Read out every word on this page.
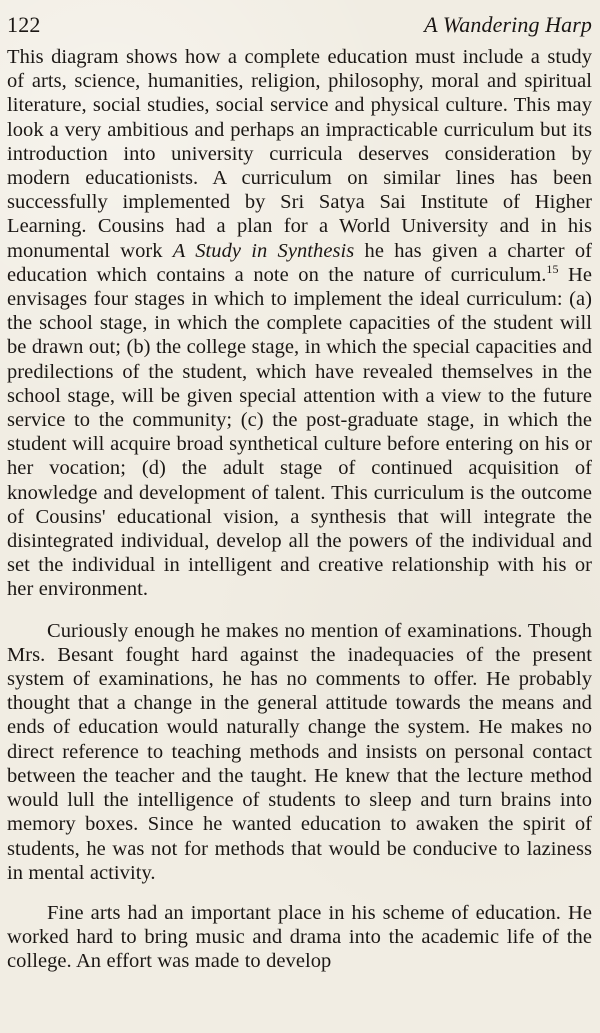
122	A Wandering Harp

This diagram shows how a complete education must include a study of arts, science, humanities, religion, philosophy, moral and spiritual literature, social studies, social service and physical culture. This may look a very ambitious and perhaps an impracticable curriculum but its introduction into university curricula deserves consideration by modern educationists. A curriculum on similar lines has been successfully implemented by Sri Satya Sai Institute of Higher Learning. Cousins had a plan for a World University and in his monumental work A Study in Synthesis he has given a charter of education which contains a note on the nature of curriculum.$^{15}$ He envisages four stages in which to implement the ideal curriculum: (a) the school stage, in which the complete capacities of the student will be drawn out; (b) the college stage, in which the special capacities and predilections of the student, which have revealed themselves in the school stage, will be given special attention with a view to the future service to the community; (c) the post-graduate stage, in which the student will acquire broad synthetical culture before entering on his or her vocation; (d) the adult stage of continued acquisition of knowledge and development of talent. This curriculum is the outcome of Cousins' educational vision, a synthesis that will integrate the disintegrated individual, develop all the powers of the individual and set the individual in intelligent and creative relationship with his or her environment.

Curiously enough he makes no mention of examinations. Though Mrs. Besant fought hard against the inadequacies of the present system of examinations, he has no comments to offer. He probably thought that a change in the general attitude towards the means and ends of education would naturally change the system. He makes no direct reference to teaching methods and insists on personal contact between the teacher and the taught. He knew that the lecture method would lull the intelligence of students to sleep and turn brains into memory boxes. Since he wanted education to awaken the spirit of students, he was not for methods that would be conducive to laziness in mental activity.

Fine arts had an important place in his scheme of education. He worked hard to bring music and drama into the academic life of the college. An effort was made to develop
